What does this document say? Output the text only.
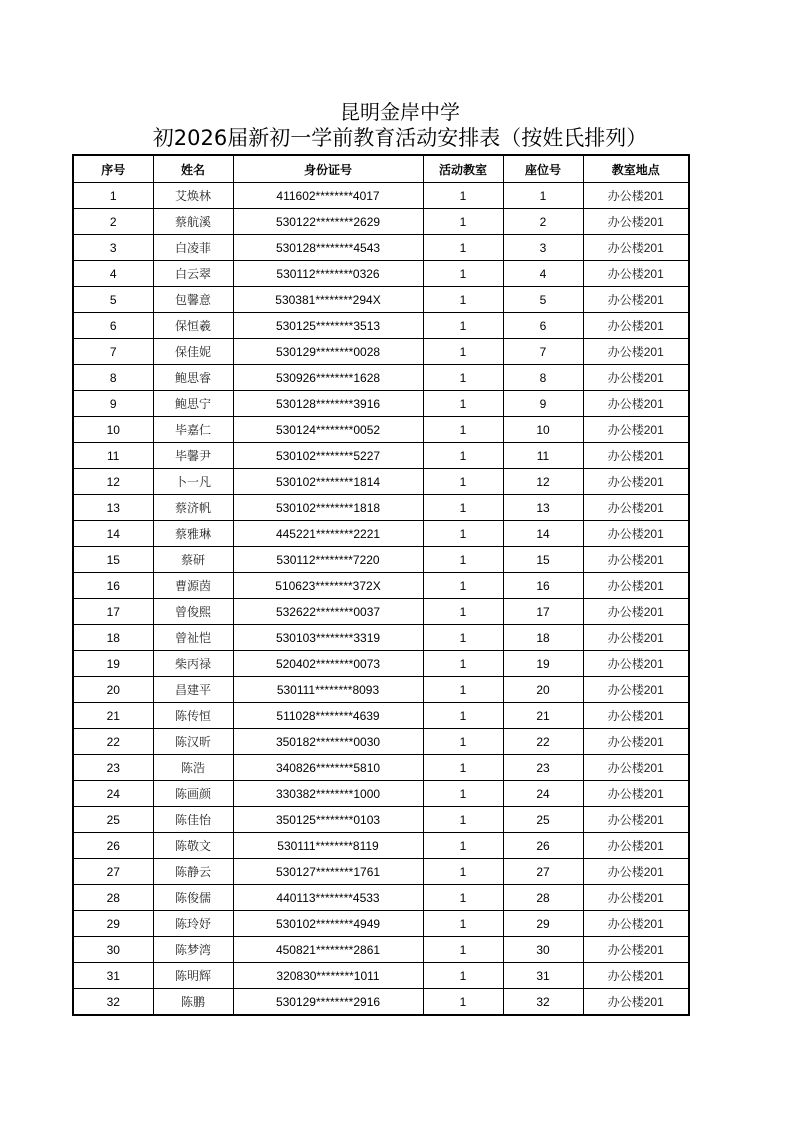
昆明金岸中学
初2026届新初一学前教育活动安排表（按姓氏排列）
序号	姓名	身份证号	活动教室	座位号	教室地点
1	艾焕林	411602********4017	1	1	办公楼201
2	蔡航溪	530122********2629	1	2	办公楼201
3	白凌菲	530128********4543	1	3	办公楼201
4	白云翠	530112********0326	1	4	办公楼201
5	包馨意	530381********294X	1	5	办公楼201
6	保恒羲	530125********3513	1	6	办公楼201
7	保佳妮	530129********0028	1	7	办公楼201
8	鲍思睿	530926********1628	1	8	办公楼201
9	鲍思宁	530128********3916	1	9	办公楼201
10	毕嘉仁	530124********0052	1	10	办公楼201
11	毕馨尹	530102********5227	1	11	办公楼201
12	卜一凡	530102********1814	1	12	办公楼201
13	蔡济帆	530102********1818	1	13	办公楼201
14	蔡雅琳	445221********2221	1	14	办公楼201
15	蔡研	530112********7220	1	15	办公楼201
16	曹源茵	510623********372X	1	16	办公楼201
17	曾俊熙	532622********0037	1	17	办公楼201
18	曾祉恺	530103********3319	1	18	办公楼201
19	柴丙禄	520402********0073	1	19	办公楼201
20	昌建平	530111********8093	1	20	办公楼201
21	陈传恒	511028********4639	1	21	办公楼201
22	陈汉昕	350182********0030	1	22	办公楼201
23	陈浩	340826********5810	1	23	办公楼201
24	陈画颜	330382********1000	1	24	办公楼201
25	陈佳怡	350125********0103	1	25	办公楼201
26	陈敬文	530111********8119	1	26	办公楼201
27	陈静云	530127********1761	1	27	办公楼201
28	陈俊儒	440113********4533	1	28	办公楼201
29	陈玲妤	530102********4949	1	29	办公楼201
30	陈梦湾	450821********2861	1	30	办公楼201
31	陈明辉	320830********1011	1	31	办公楼201
32	陈鹏	530129********2916	1	32	办公楼201
